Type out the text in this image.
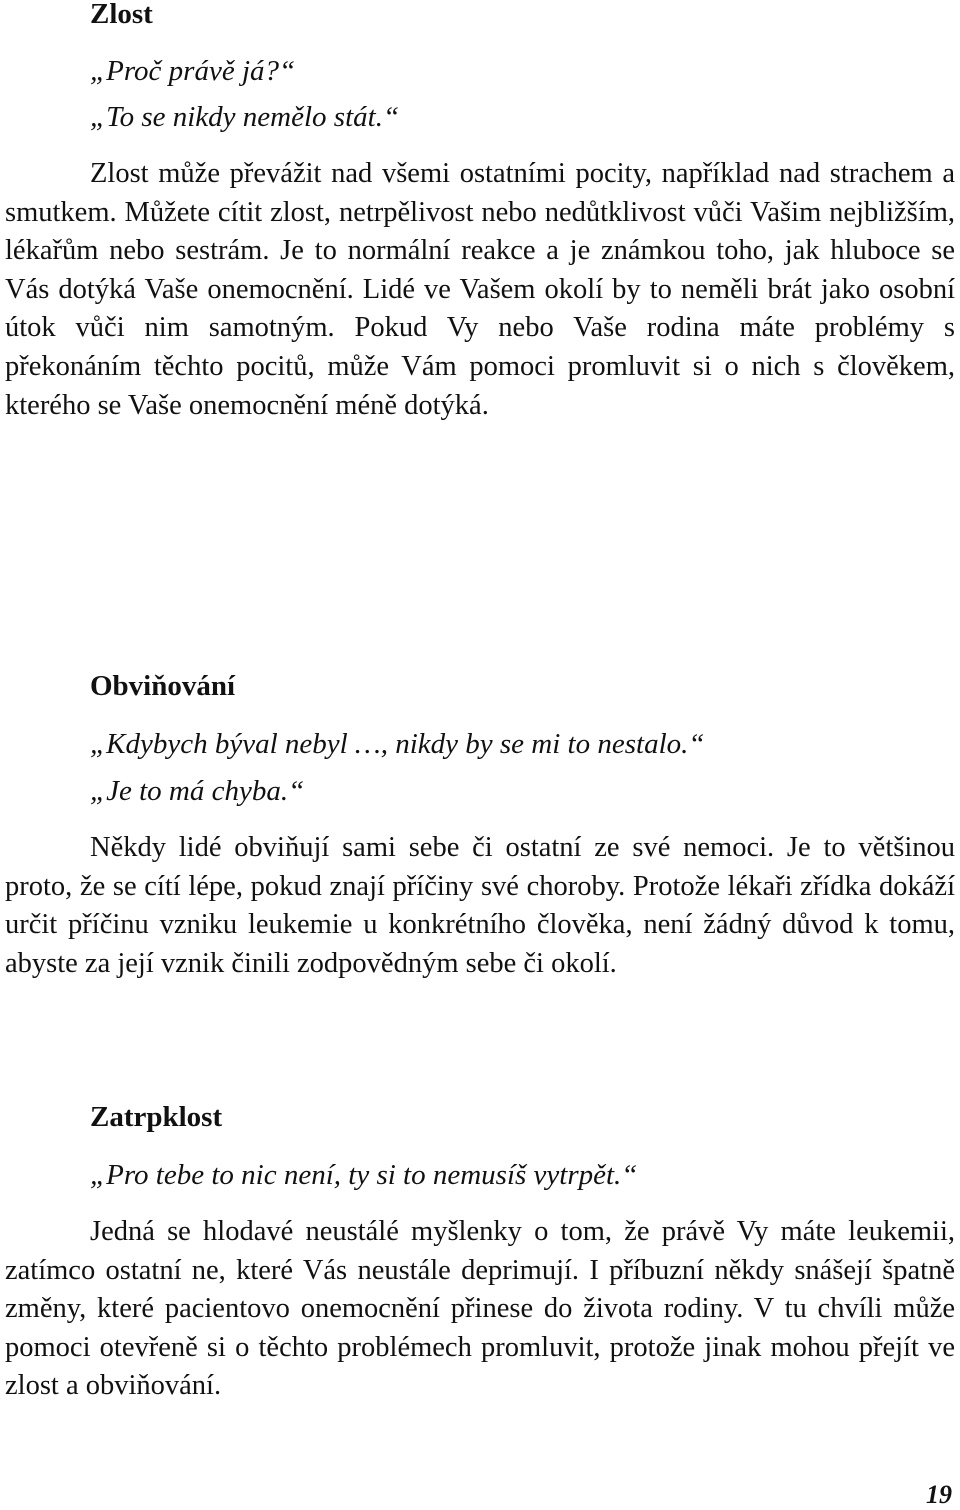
Zlost

„Proč právě já?“

„To se nikdy nemělo stát.“

Zlost může převážit nad všemi ostatními pocity, například nad strachem a smutkem. Můžete cítit zlost, netrpělivost nebo nedůtklivost vůči Vašim nejbližším, lékařům nebo sestrám. Je to normální reakce a je známkou toho, jak hluboce se Vás dotýká Vaše onemocnění. Lidé ve Vašem okolí by to neměli brát jako osobní útok vůči nim samotným. Pokud Vy nebo Vaše rodina máte problémy s překonáním těchto pocitů, může Vám pomoci promluvit si o nich s člověkem, kterého se Vaše onemocnění méně dotýká.

Obviňování

„Kdybych býval nebyl …, nikdy by se mi to nestalo.“

„Je to má chyba.“

Někdy lidé obviňují sami sebe či ostatní ze své nemoci. Je to většinou proto, že se cítí lépe, pokud znají příčiny své choroby. Protože lékaři zřídka dokáží určit příčinu vzniku leukemie u konkrétního člověka, není žádný důvod k tomu, abyste za její vznik činili zodpovědným sebe či okolí.

Zatrpklost

„Pro tebe to nic není, ty si to nemusíš vytrpět.“

Jedná se hlodavé neustálé myšlenky o tom, že právě Vy máte leukemii, zatímco ostatní ne, které Vás neustále deprimují. I příbuzní někdy snášejí špatně změny, které pacientovo onemocnění přinese do života rodiny. V tu chvíli může pomoci otevřeně si o těchto problémech promluvit, protože jinak mohou přejít ve zlost a obviňování.

19
